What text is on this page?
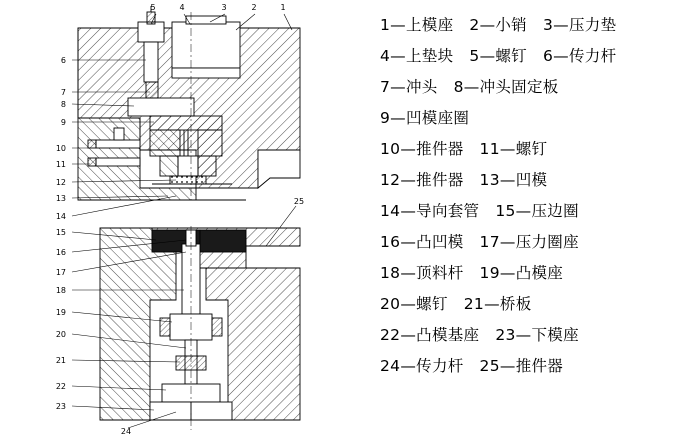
5	4	3	2	1
6
7
8
9
10
11
12
13
14
15
16
17
18
19
20
21
22
23
24
25
1—上模座 2—小销 3—压力垫
4—上垫块 5—螺钉 6—传力杆
7—冲头 8—冲头固定板
9—凹模座圈
10—推件器 11—螺钉
12—推件器 13—凹模
14—导向套管 15—压边圈
16—凸凹模 17—压力圈座
18—顶料杆 19—凸模座
20—螺钉 21—桥板
22—凸模基座 23—下模座
24—传力杆 25—推件器
